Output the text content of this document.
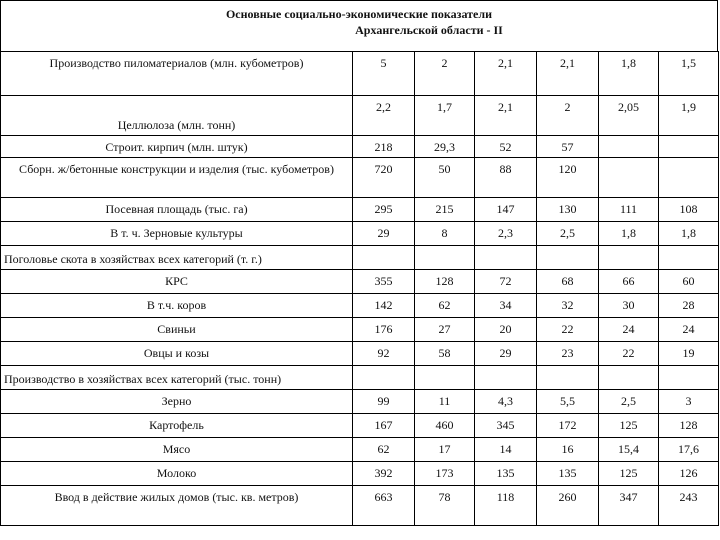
Основные социально-экономические показатели
Архангельской области - II
Производство пиломатериалов (млн. кубометров)	5	2	2,1	2,1	1,8	1,5
Целлюлоза (млн. тонн)	2,2	1,7	2,1	2	2,05	1,9
Строит. кирпич (млн. штук)	218	29,3	52	57		
Сборн. ж/бетонные конструкции и изделия (тыс. кубометров)	720	50	88	120		
Посевная площадь (тыс. га)	295	215	147	130	111	108
В т. ч. Зерновые культуры	29	8	2,3	2,5	1,8	1,8
Поголовье скота в хозяйствах всех категорий (т. г.)						
КРС	355	128	72	68	66	60
В т.ч. коров	142	62	34	32	30	28
Свиньи	176	27	20	22	24	24
Овцы и козы	92	58	29	23	22	19
Производство в хозяйствах всех категорий (тыс. тонн)						
Зерно	99	11	4,3	5,5	2,5	3
Картофель	167	460	345	172	125	128
Мясо	62	17	14	16	15,4	17,6
Молоко	392	173	135	135	125	126
Ввод в действие жилых домов (тыс. кв. метров)	663	78	118	260	347	243
